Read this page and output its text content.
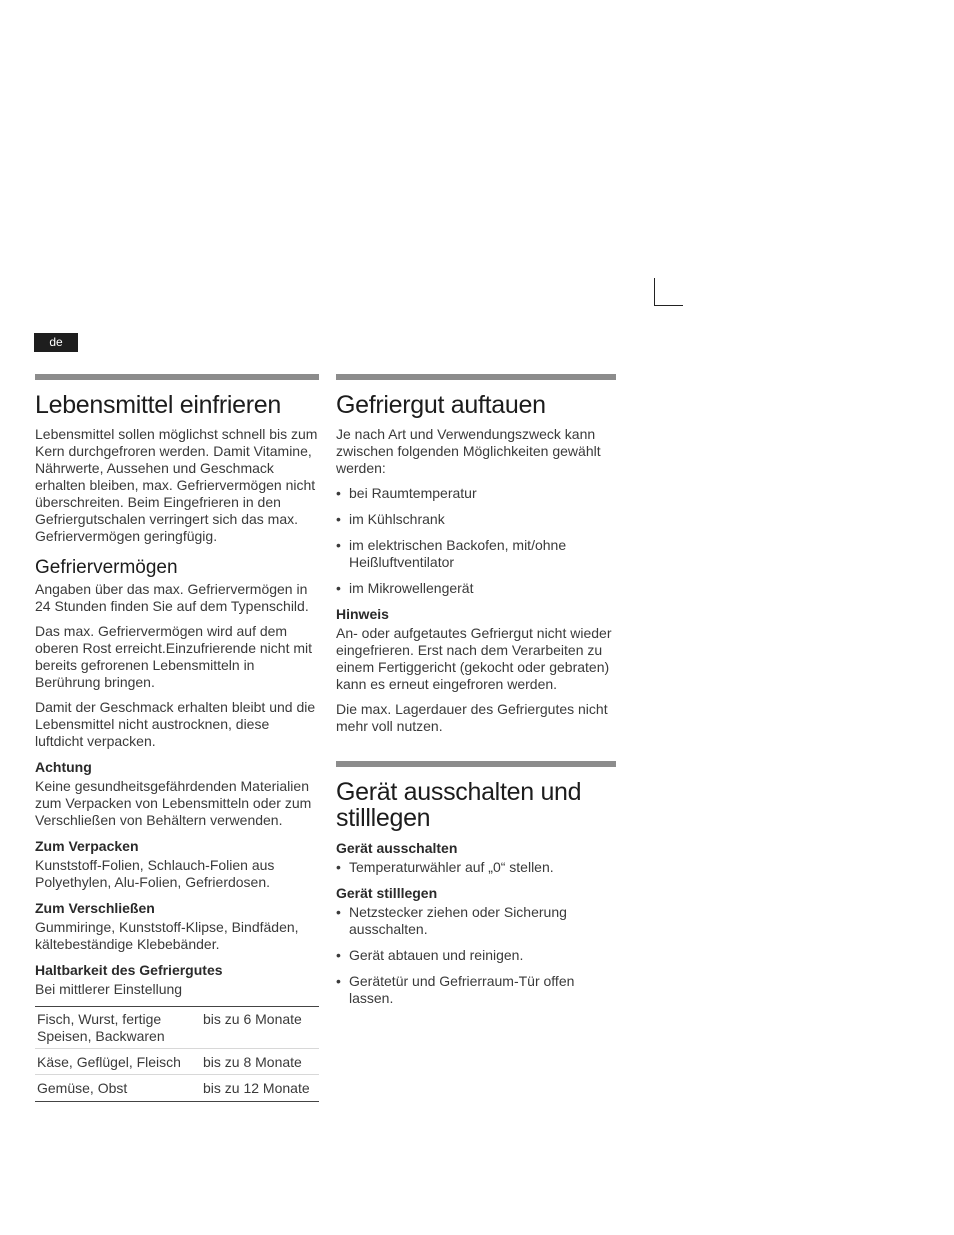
de
Lebensmittel einfrieren

Lebensmittel sollen möglichst schnell bis zum Kern durchgefroren werden. Damit Vitamine, Nährwerte, Aussehen und Geschmack erhalten bleiben, max. Gefriervermögen nicht überschreiten. Beim Eingefrieren in den Gefriergutschalen verringert sich das max. Gefriervermögen geringfügig.

Gefriervermögen

Angaben über das max. Gefriervermögen in 24 Stunden finden Sie auf dem Typenschild.

Das max. Gefriervermögen wird auf dem oberen Rost erreicht.Einzufrierende nicht mit bereits gefrorenen Lebensmitteln in Berührung bringen.

Damit der Geschmack erhalten bleibt und die Lebensmittel nicht austrocknen, diese luftdicht verpacken.

Achtung

Keine gesundheitsgefährdenden Materialien zum Verpacken von Lebensmitteln oder zum Verschließen von Behältern verwenden.

Zum Verpacken

Kunststoff-Folien, Schlauch-Folien aus Polyethylen, Alu-Folien, Gefrierdosen.

Zum Verschließen

Gummiringe, Kunststoff-Klipse, Bindfäden, kältebeständige Klebebänder.

Haltbarkeit des Gefriergutes

Bei mittlerer Einstellung

Fisch, Wurst, fertige Speisen, Backwaren	bis zu 6 Monate
Käse, Geflügel, Fleisch	bis zu 8 Monate
Gemüse, Obst	bis zu 12 Monate
Gefriergut auftauen

Je nach Art und Verwendungszweck kann zwischen folgenden Möglichkeiten gewählt werden:

• bei Raumtemperatur
• im Kühlschrank
• im elektrischen Backofen, mit/ohne Heißluftventilator
• im Mikrowellengerät
Hinweis

An- oder aufgetautes Gefriergut nicht wieder eingefrieren. Erst nach dem Verarbeiten zu einem Fertiggericht (gekocht oder gebraten) kann es erneut eingefroren werden.

Die max. Lagerdauer des Gefriergutes nicht mehr voll nutzen.

Gerät ausschalten und
stilllegen
Gerät ausschalten
• Temperaturwähler auf „0“ stellen.
Gerät stilllegen
• Netzstecker ziehen oder Sicherung ausschalten.
• Gerät abtauen und reinigen.
• Gerätetür und Gefrierraum-Tür offen lassen.
